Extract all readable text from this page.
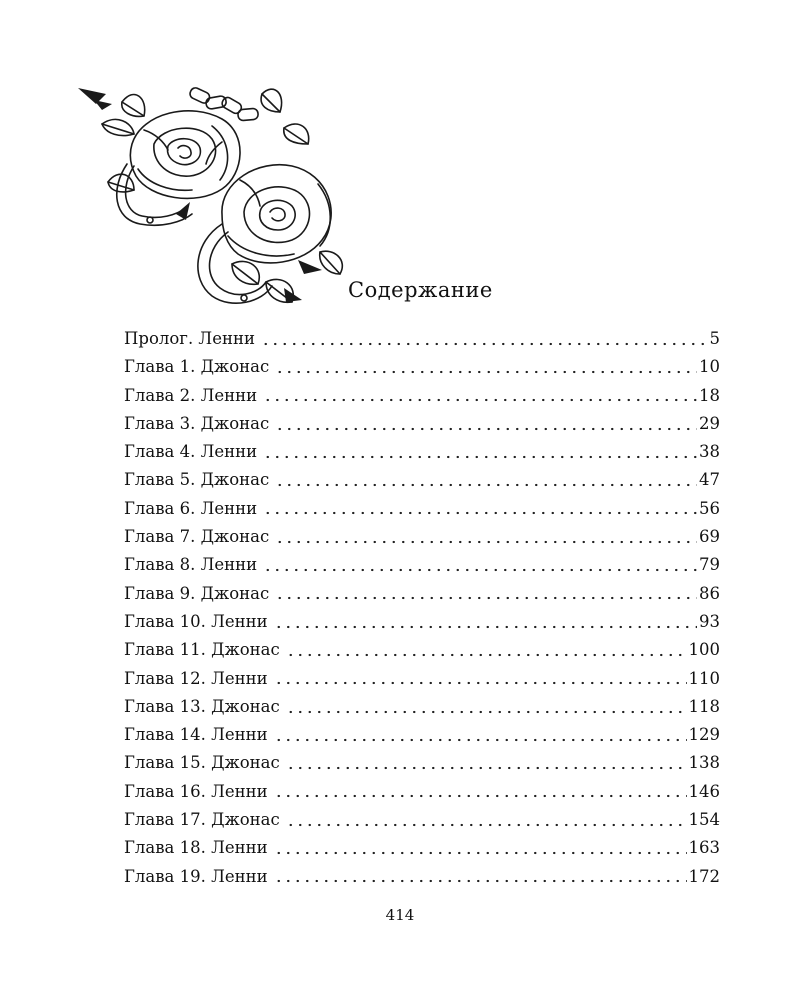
Содержание
Пролог. Ленни	5
Глава 1. Джонас	10
Глава 2. Ленни	18
Глава 3. Джонас	29
Глава 4. Ленни	38
Глава 5. Джонас	47
Глава 6. Ленни	56
Глава 7. Джонас	69
Глава 8. Ленни	79
Глава 9. Джонас	86
Глава 10. Ленни	93
Глава 11. Джонас	100
Глава 12. Ленни	110
Глава 13. Джонас	118
Глава 14. Ленни	129
Глава 15. Джонас	138
Глава 16. Ленни	146
Глава 17. Джонас	154
Глава 18. Ленни	163
Глава 19. Ленни	172
414
